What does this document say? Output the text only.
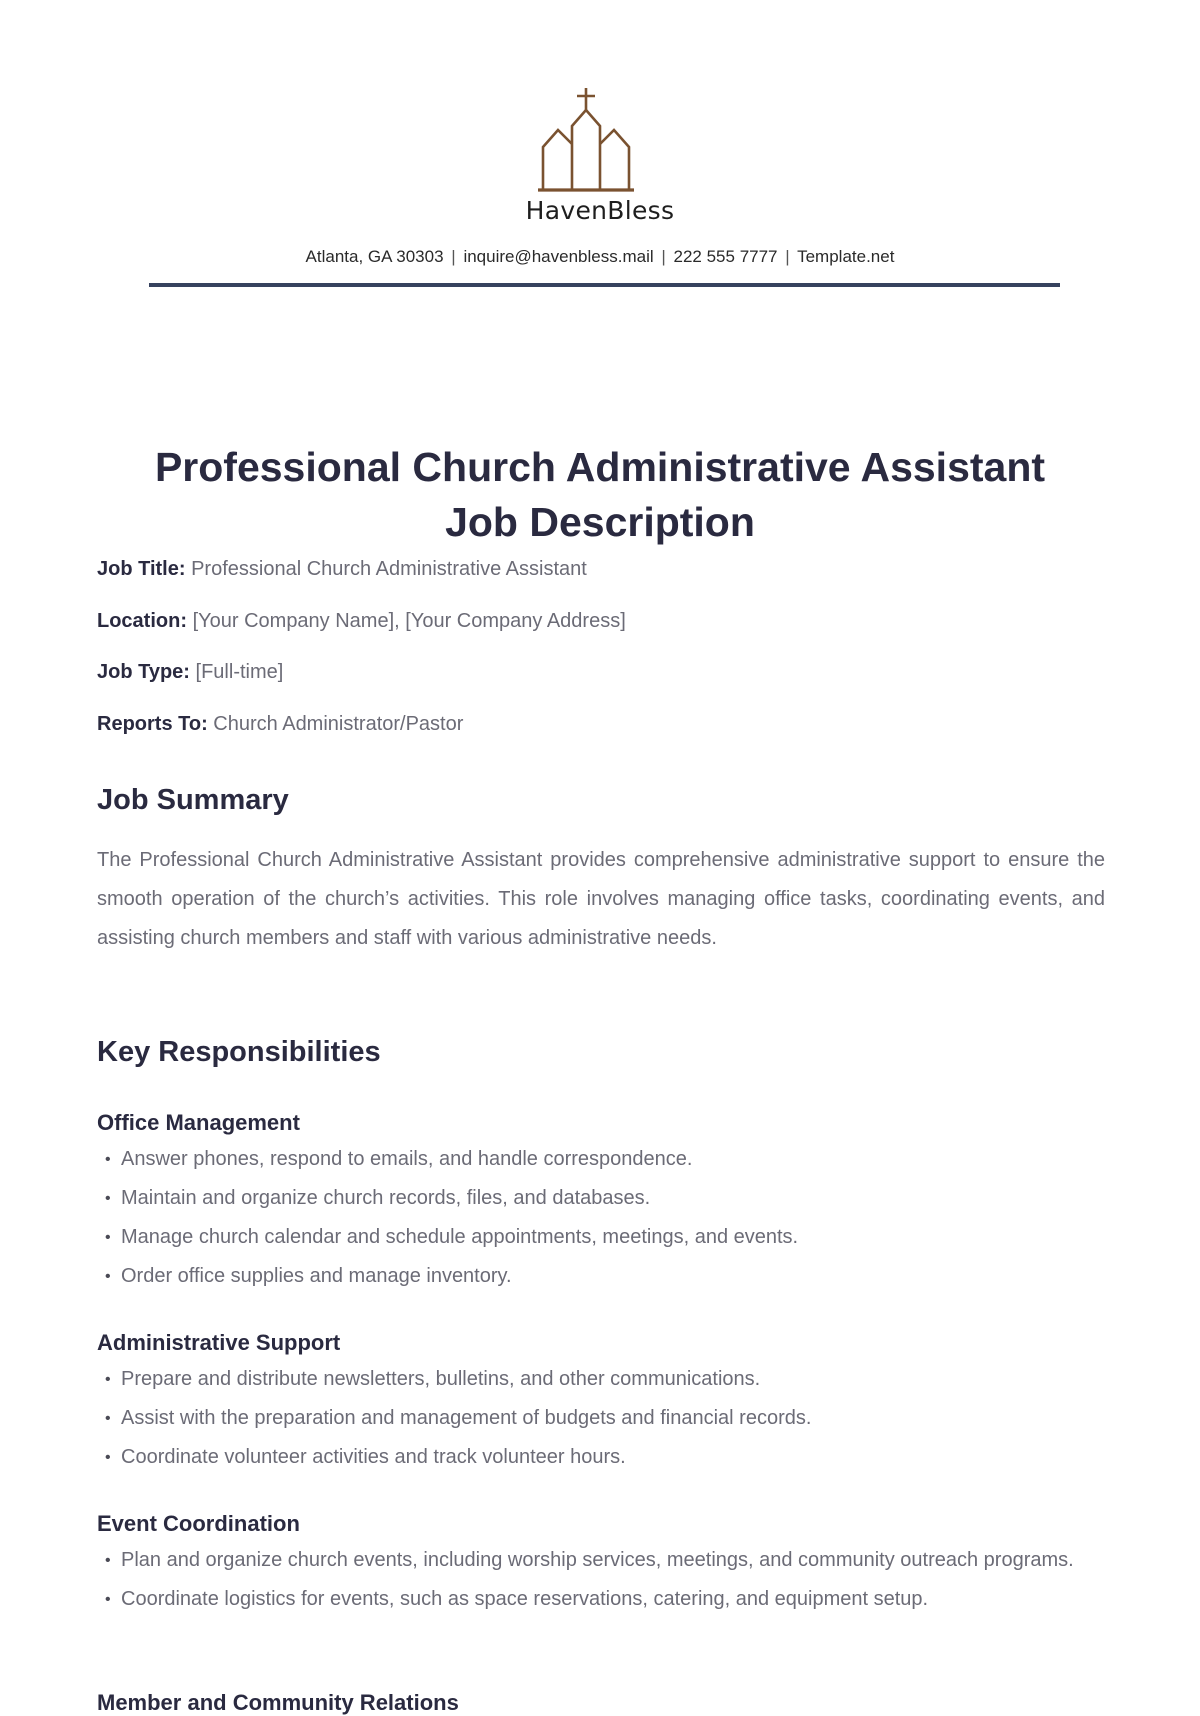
HavenBless
Atlanta, GA 30303 | inquire@havenbless.mail | 222 555 7777 | Template.net
Professional Church Administrative Assistant
Job Description
Job Title: Professional Church Administrative Assistant
Location: [Your Company Name], [Your Company Address]
Job Type: [Full-time]
Reports To: Church Administrator/Pastor
Job Summary
The Professional Church Administrative Assistant provides comprehensive administrative support to ensure the smooth operation of the church’s activities. This role involves managing office tasks, coordinating events, and assisting church members and staff with various administrative needs.
Key Responsibilities
Office Management
• Answer phones, respond to emails, and handle correspondence.
• Maintain and organize church records, files, and databases.
• Manage church calendar and schedule appointments, meetings, and events.
• Order office supplies and manage inventory.
Administrative Support
• Prepare and distribute newsletters, bulletins, and other communications.
• Assist with the preparation and management of budgets and financial records.
• Coordinate volunteer activities and track volunteer hours.
Event Coordination
• Plan and organize church events, including worship services, meetings, and community outreach programs.
• Coordinate logistics for events, such as space reservations, catering, and equipment setup.
Member and Community Relations
